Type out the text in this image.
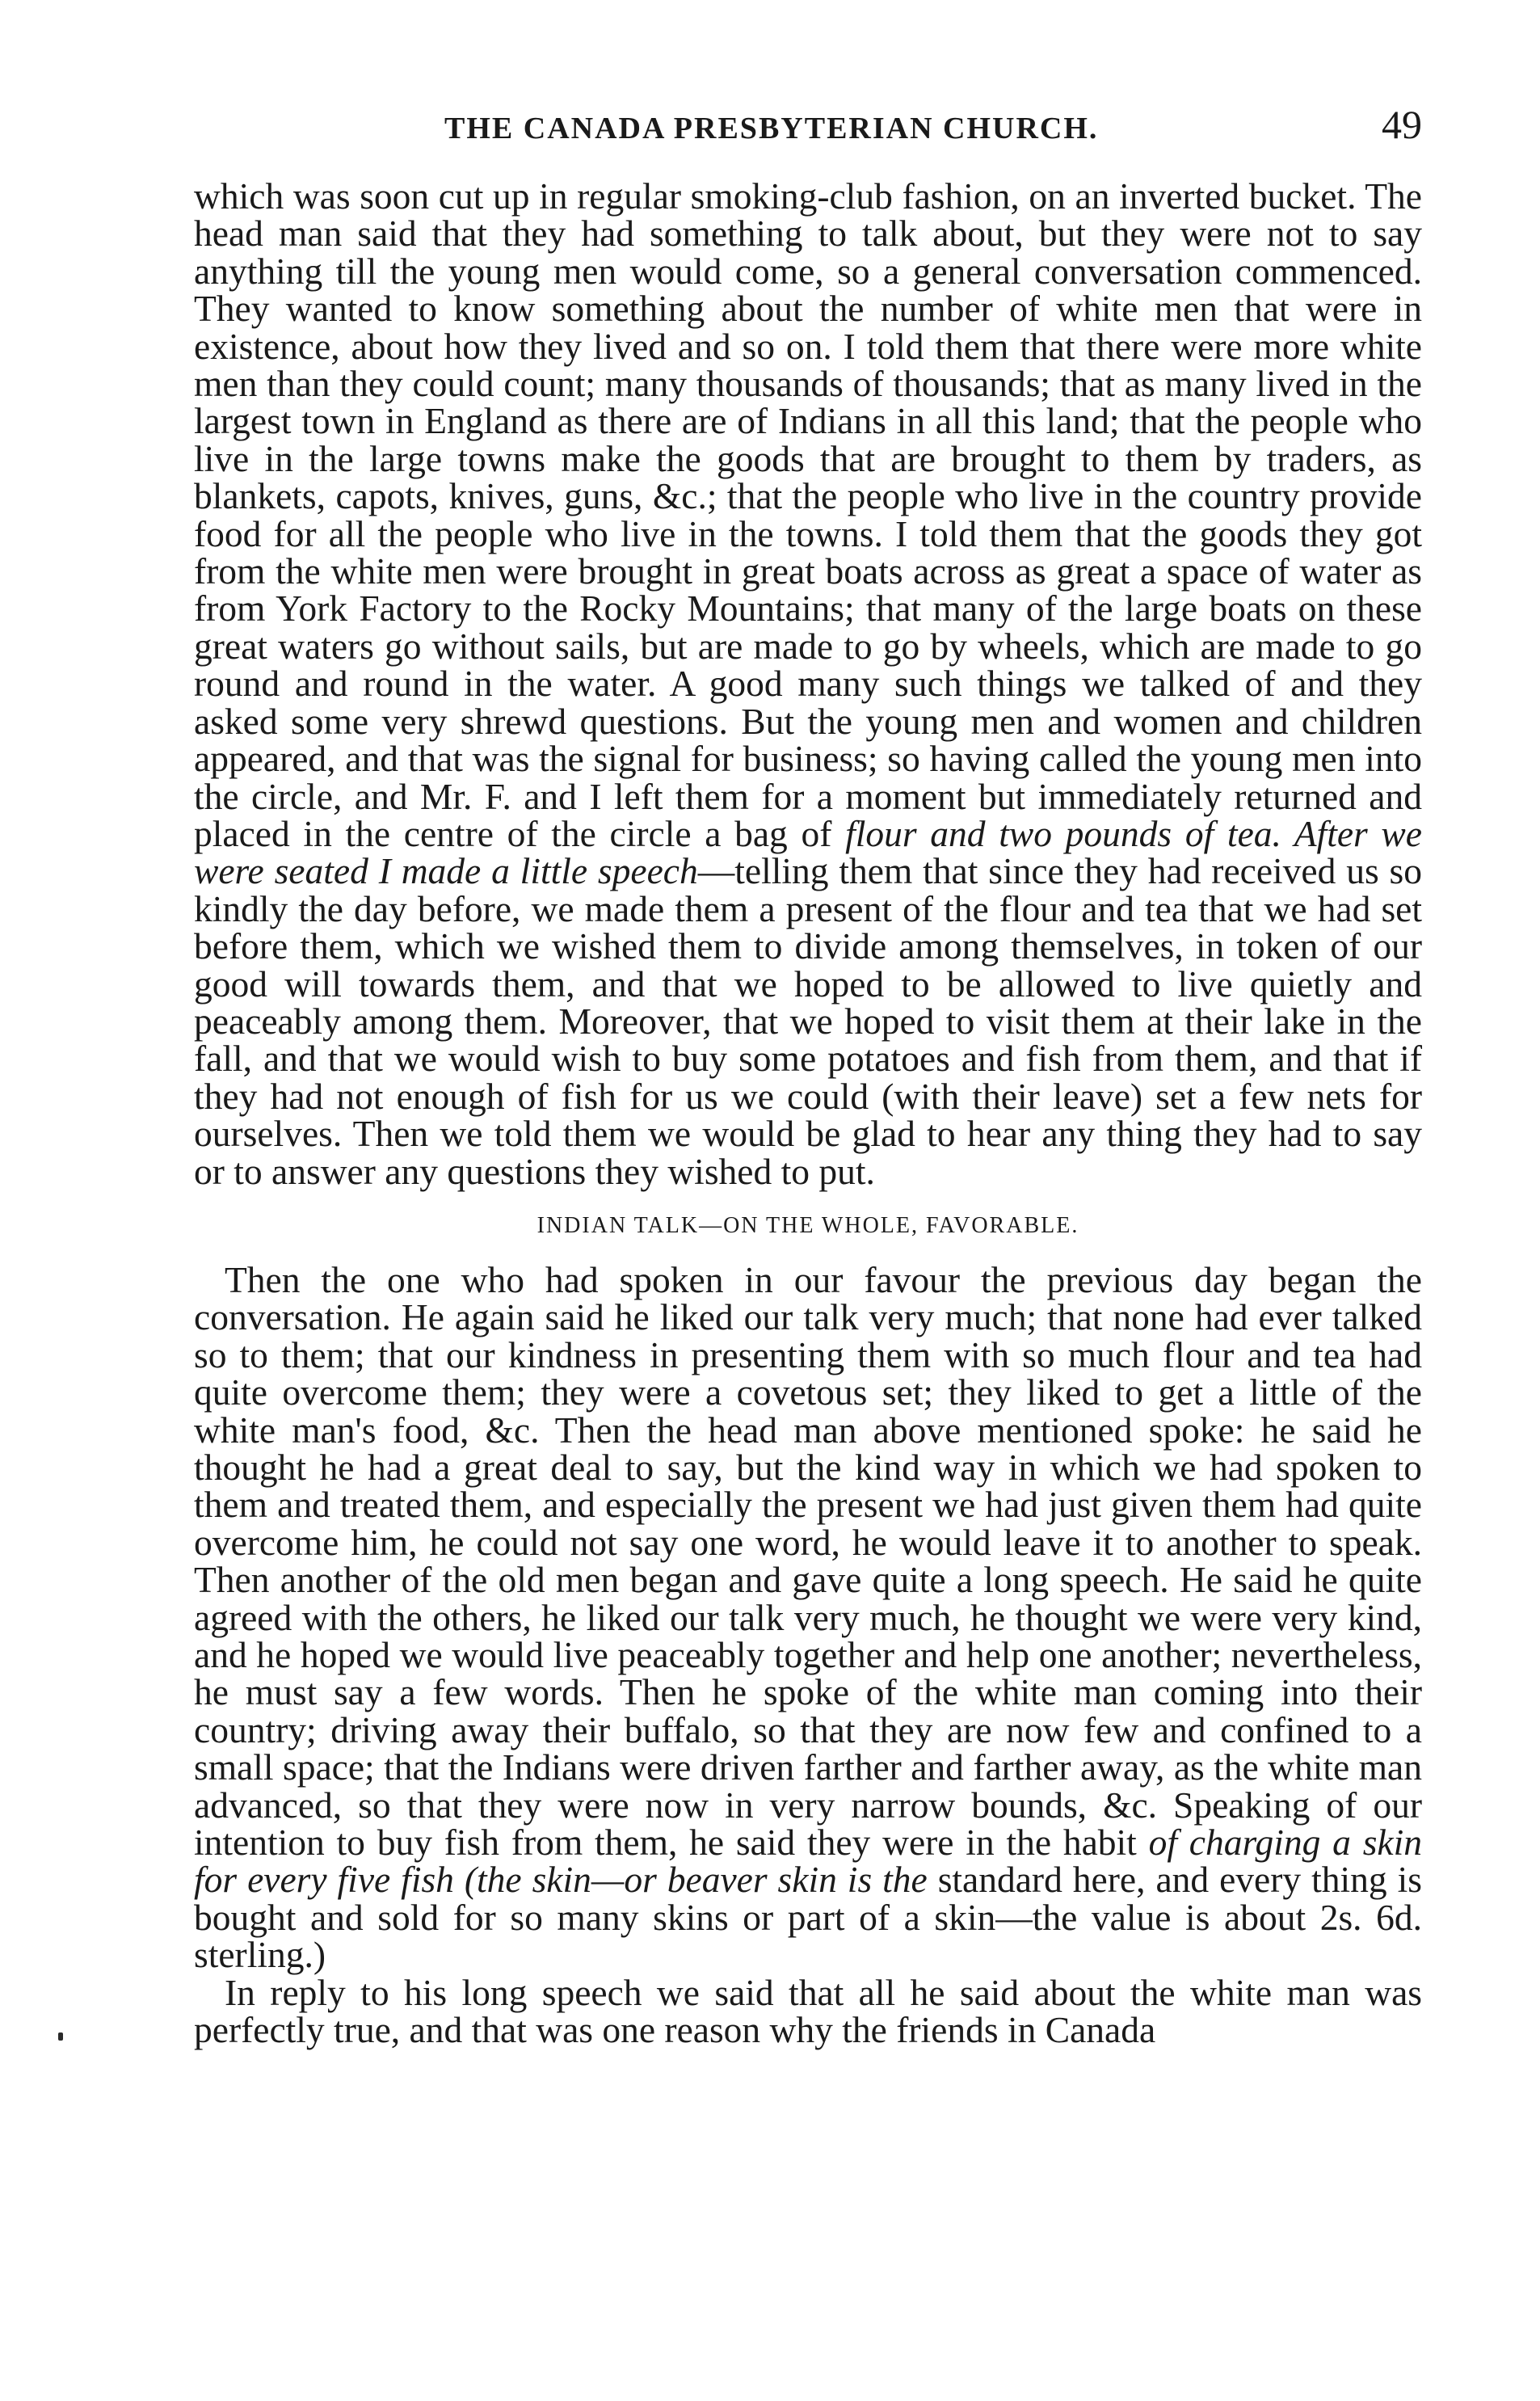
THE CANADA PRESBYTERIAN CHURCH.	49

which was soon cut up in regular smoking-club fashion, on an inverted bucket. The head man said that they had something to talk about, but they were not to say anything till the young men would come, so a general conversation commenced. They wanted to know something about the number of white men that were in existence, about how they lived and so on. I told them that there were more white men than they could count; many thousands of thousands; that as many lived in the largest town in England as there are of Indians in all this land; that the people who live in the large towns make the goods that are brought to them by traders, as blankets, capots, knives, guns, &c.; that the people who live in the country provide food for all the people who live in the towns. I told them that the goods they got from the white men were brought in great boats across as great a space of water as from York Factory to the Rocky Mountains; that many of the large boats on these great waters go without sails, but are made to go by wheels, which are made to go round and round in the water. A good many such things we talked of and they asked some very shrewd questions. But the young men and women and children appeared, and that was the signal for business; so having called the young men into the circle, and Mr. F. and I left them for a moment but immediately returned and placed in the centre of the circle a bag of flour and two pounds of tea. After we were seated I made a little speech—telling them that since they had received us so kindly the day before, we made them a present of the flour and tea that we had set before them, which we wished them to divide among themselves, in token of our good will towards them, and that we hoped to be allowed to live quietly and peaceably among them. Moreover, that we hoped to visit them at their lake in the fall, and that we would wish to buy some potatoes and fish from them, and that if they had not enough of fish for us we could (with their leave) set a few nets for ourselves. Then we told them we would be glad to hear any thing they had to say or to answer any questions they wished to put.

INDIAN TALK—ON THE WHOLE, FAVORABLE.

Then the one who had spoken in our favour the previous day began the conversation. He again said he liked our talk very much; that none had ever talked so to them; that our kindness in presenting them with so much flour and tea had quite overcome them; they were a covetous set; they liked to get a little of the white man's food, &c. Then the head man above mentioned spoke: he said he thought he had a great deal to say, but the kind way in which we had spoken to them and treated them, and especially the present we had just given them had quite overcome him, he could not say one word, he would leave it to another to speak. Then another of the old men began and gave quite a long speech. He said he quite agreed with the others, he liked our talk very much, he thought we were very kind, and he hoped we would live peaceably together and help one another; nevertheless, he must say a few words. Then he spoke of the white man coming into their country; driving away their buffalo, so that they are now few and confined to a small space; that the Indians were driven farther and farther away, as the white man advanced, so that they were now in very narrow bounds, &c. Speaking of our intention to buy fish from them, he said they were in the habit of charging a skin for every five fish (the skin—or beaver skin is the standard here, and every thing is bought and sold for so many skins or part of a skin—the value is about 2s. 6d. sterling.)

In reply to his long speech we said that all he said about the white man was perfectly true, and that was one reason why the friends in Canada
